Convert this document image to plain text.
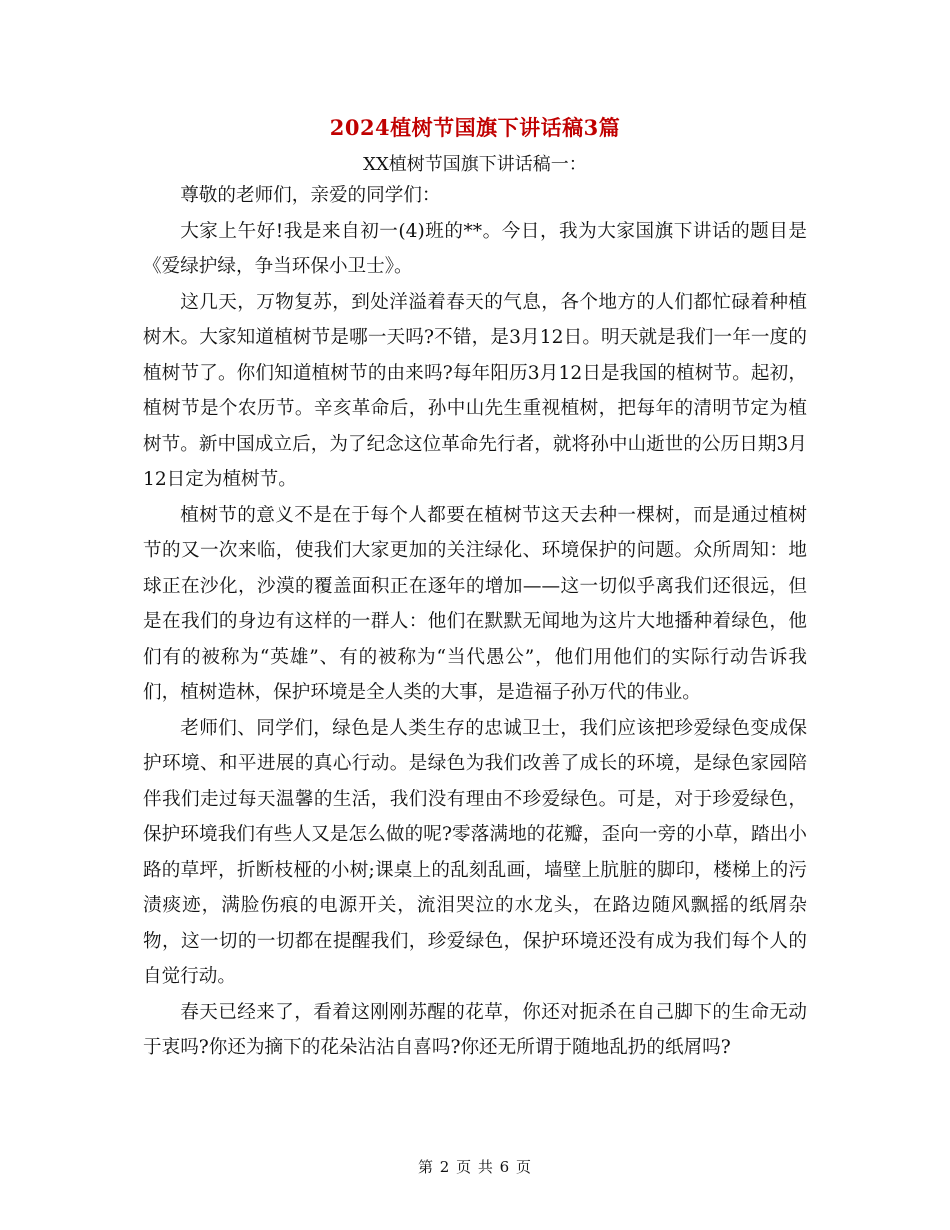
2024植树节国旗下讲话稿3篇
XX植树节国旗下讲话稿一：

尊敬的老师们，亲爱的同学们：

大家上午好!我是来自初一(4)班的**。今日，我为大家国旗下讲话的题目是《爱绿护绿，争当环保小卫士》。

这几天，万物复苏，到处洋溢着春天的气息，各个地方的人们都忙碌着种植树木。大家知道植树节是哪一天吗?不错，是3月12日。明天就是我们一年一度的植树节了。你们知道植树节的由来吗?每年阳历3月12日是我国的植树节。起初，植树节是个农历节。辛亥革命后，孙中山先生重视植树，把每年的清明节定为植树节。新中国成立后，为了纪念这位革命先行者，就将孙中山逝世的公历日期3月12日定为植树节。

植树节的意义不是在于每个人都要在植树节这天去种一棵树，而是通过植树节的又一次来临，使我们大家更加的关注绿化、环境保护的问题。众所周知：地球正在沙化，沙漠的覆盖面积正在逐年的增加——这一切似乎离我们还很远，但是在我们的身边有这样的一群人：他们在默默无闻地为这片大地播种着绿色，他们有的被称为“英雄”、有的被称为“当代愚公”，他们用他们的实际行动告诉我们，植树造林，保护环境是全人类的大事，是造福子孙万代的伟业。

老师们、同学们，绿色是人类生存的忠诚卫士，我们应该把珍爱绿色变成保护环境、和平进展的真心行动。是绿色为我们改善了成长的环境，是绿色家园陪伴我们走过每天温馨的生活，我们没有理由不珍爱绿色。可是，对于珍爱绿色，保护环境我们有些人又是怎么做的呢?零落满地的花瓣，歪向一旁的小草，踏出小路的草坪，折断枝桠的小树;课桌上的乱刻乱画，墙壁上肮脏的脚印，楼梯上的污渍痰迹，满脸伤痕的电源开关，流泪哭泣的水龙头，在路边随风飘摇的纸屑杂物，这一切的一切都在提醒我们，珍爱绿色，保护环境还没有成为我们每个人的自觉行动。

春天已经来了，看着这刚刚苏醒的花草，你还对扼杀在自己脚下的生命无动于衷吗?你还为摘下的花朵沾沾自喜吗?你还无所谓于随地乱扔的纸屑吗?

第 2 页 共 6 页
